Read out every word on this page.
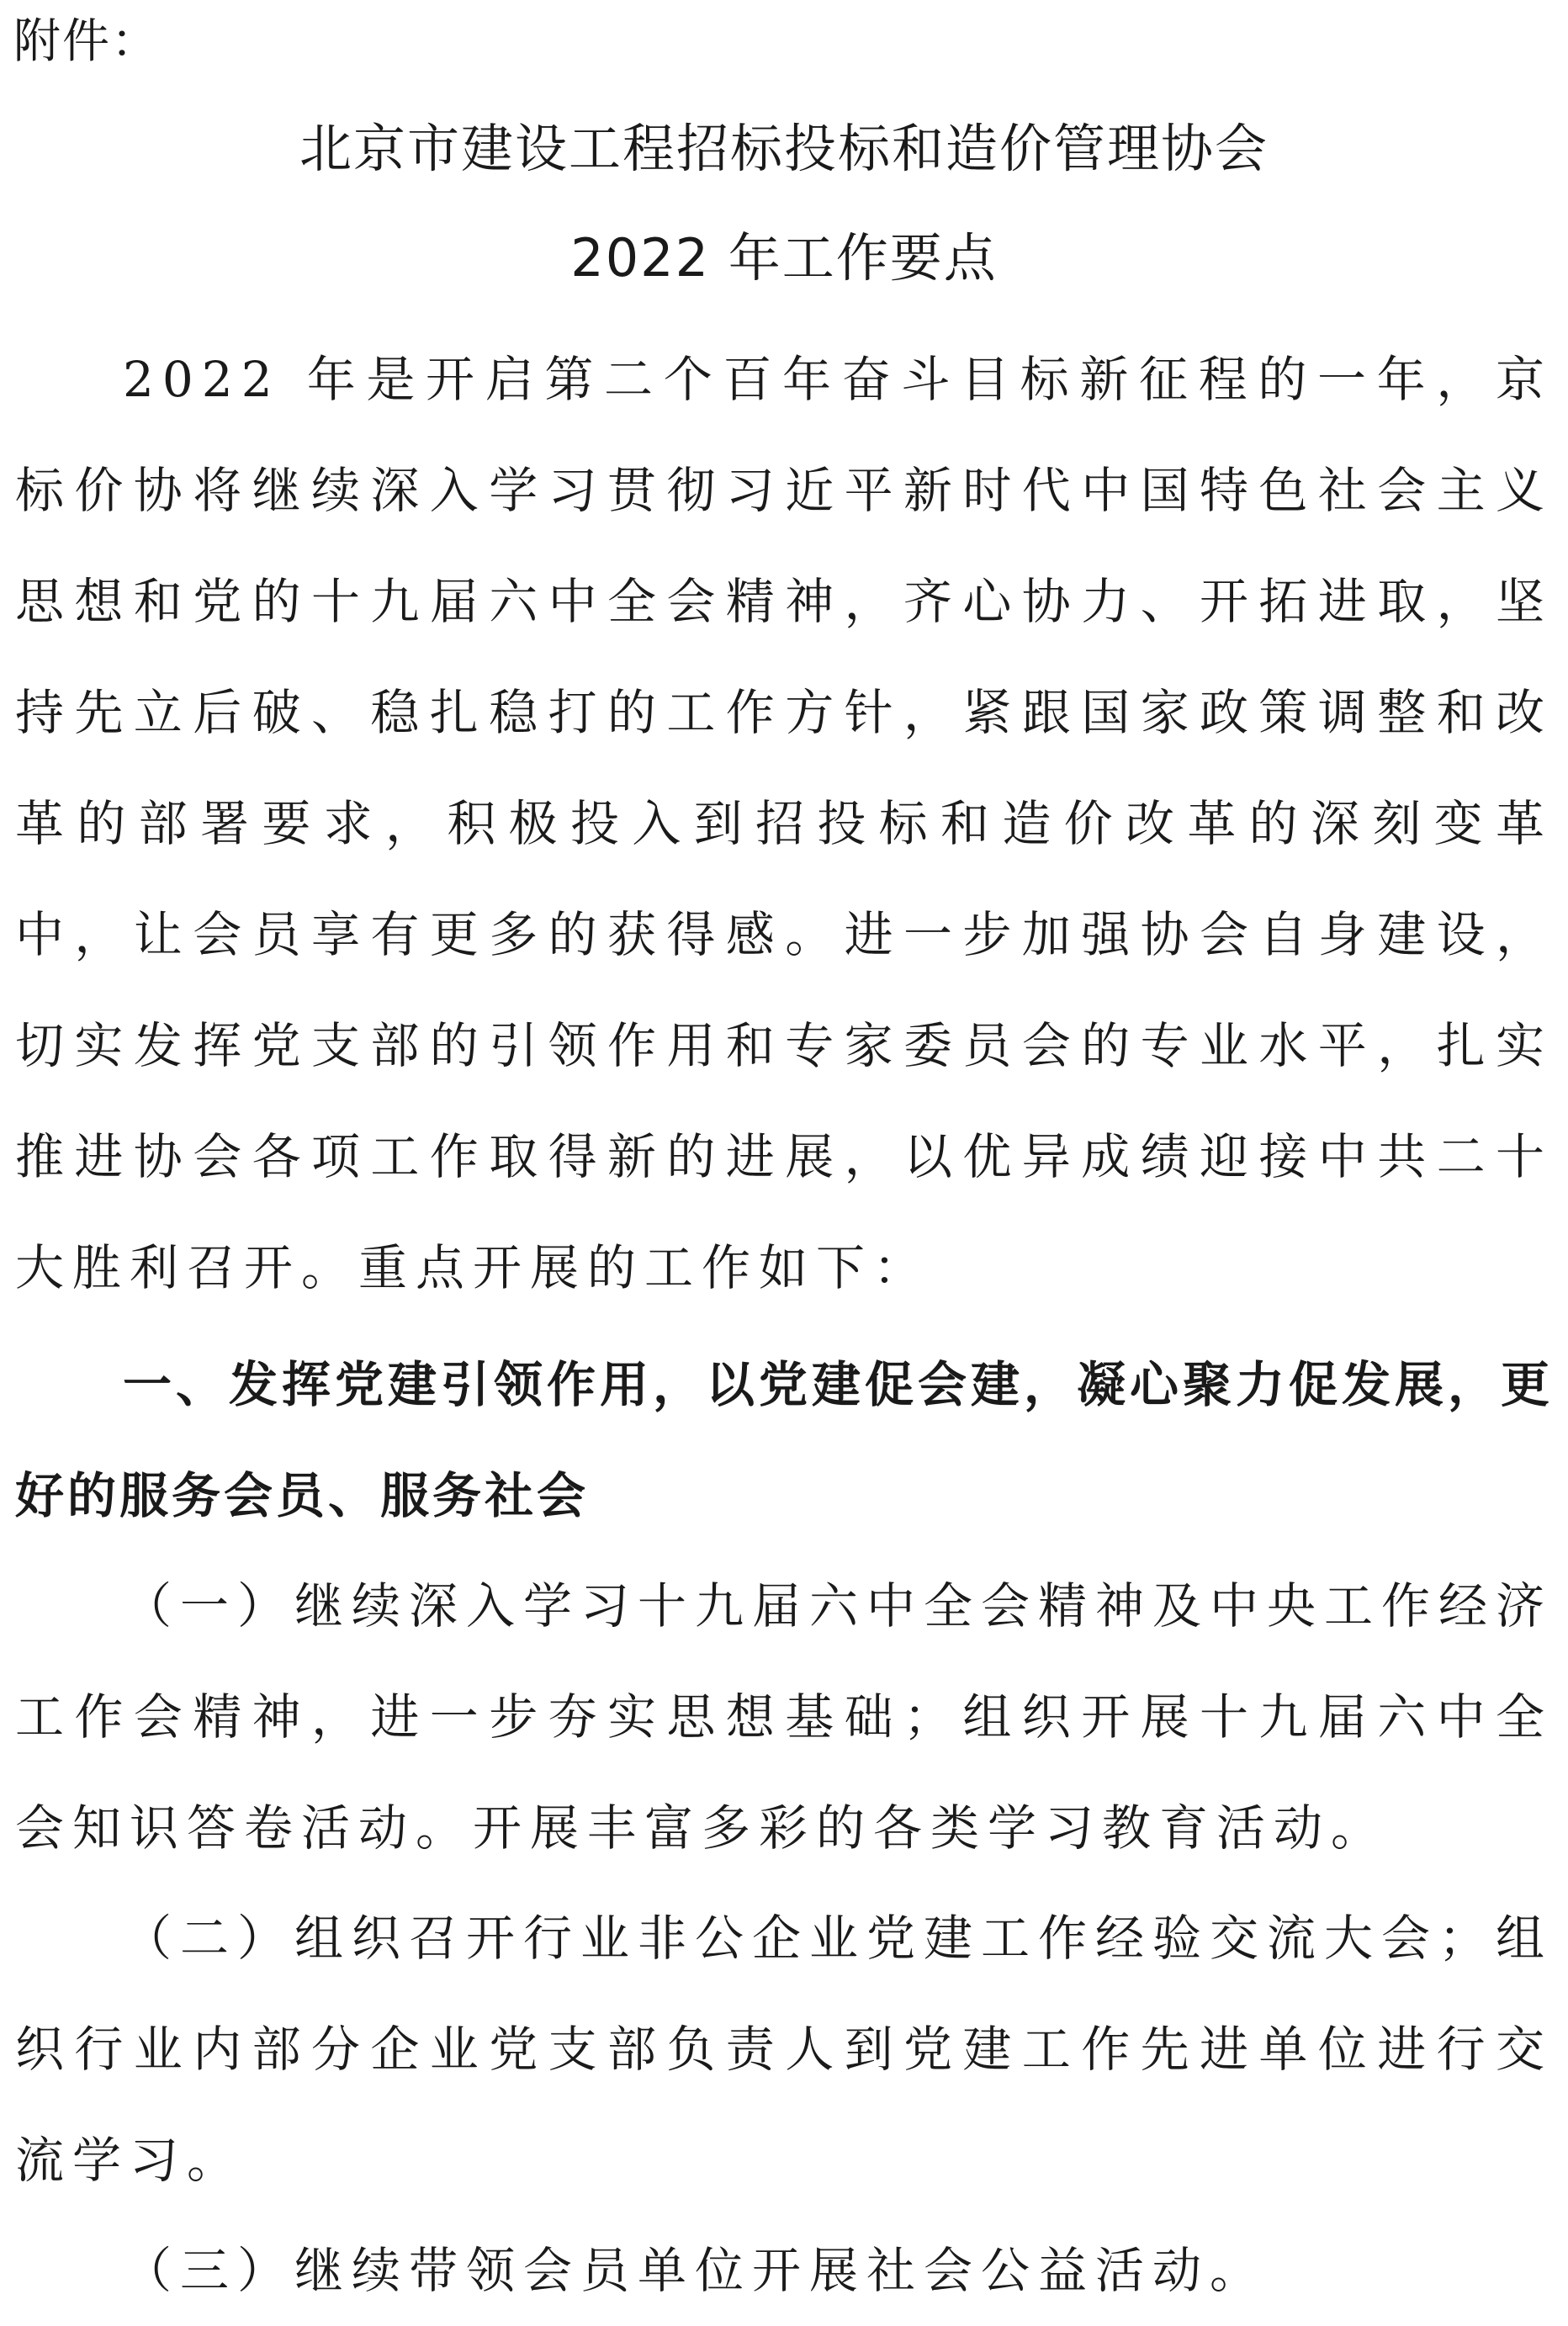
附件：

北京市建设工程招标投标和造价管理协会
2022 年工作要点

2022 年是开启第二个百年奋斗目标新征程的一年，京标价协将继续深入学习贯彻习近平新时代中国特色社会主义思想和党的十九届六中全会精神，齐心协力、开拓进取，坚持先立后破、稳扎稳打的工作方针，紧跟国家政策调整和改革的部署要求，积极投入到招投标和造价改革的深刻变革中，让会员享有更多的获得感。进一步加强协会自身建设，切实发挥党支部的引领作用和专家委员会的专业水平，扎实推进协会各项工作取得新的进展，以优异成绩迎接中共二十大胜利召开。重点开展的工作如下：

一、发挥党建引领作用，以党建促会建，凝心聚力促发展，更好的服务会员、服务社会

（一）继续深入学习十九届六中全会精神及中央工作经济工作会精神，进一步夯实思想基础；组织开展十九届六中全会知识答卷活动。开展丰富多彩的各类学习教育活动。

（二）组织召开行业非公企业党建工作经验交流大会；组织行业内部分企业党支部负责人到党建工作先进单位进行交流学习。

（三）继续带领会员单位开展社会公益活动。
